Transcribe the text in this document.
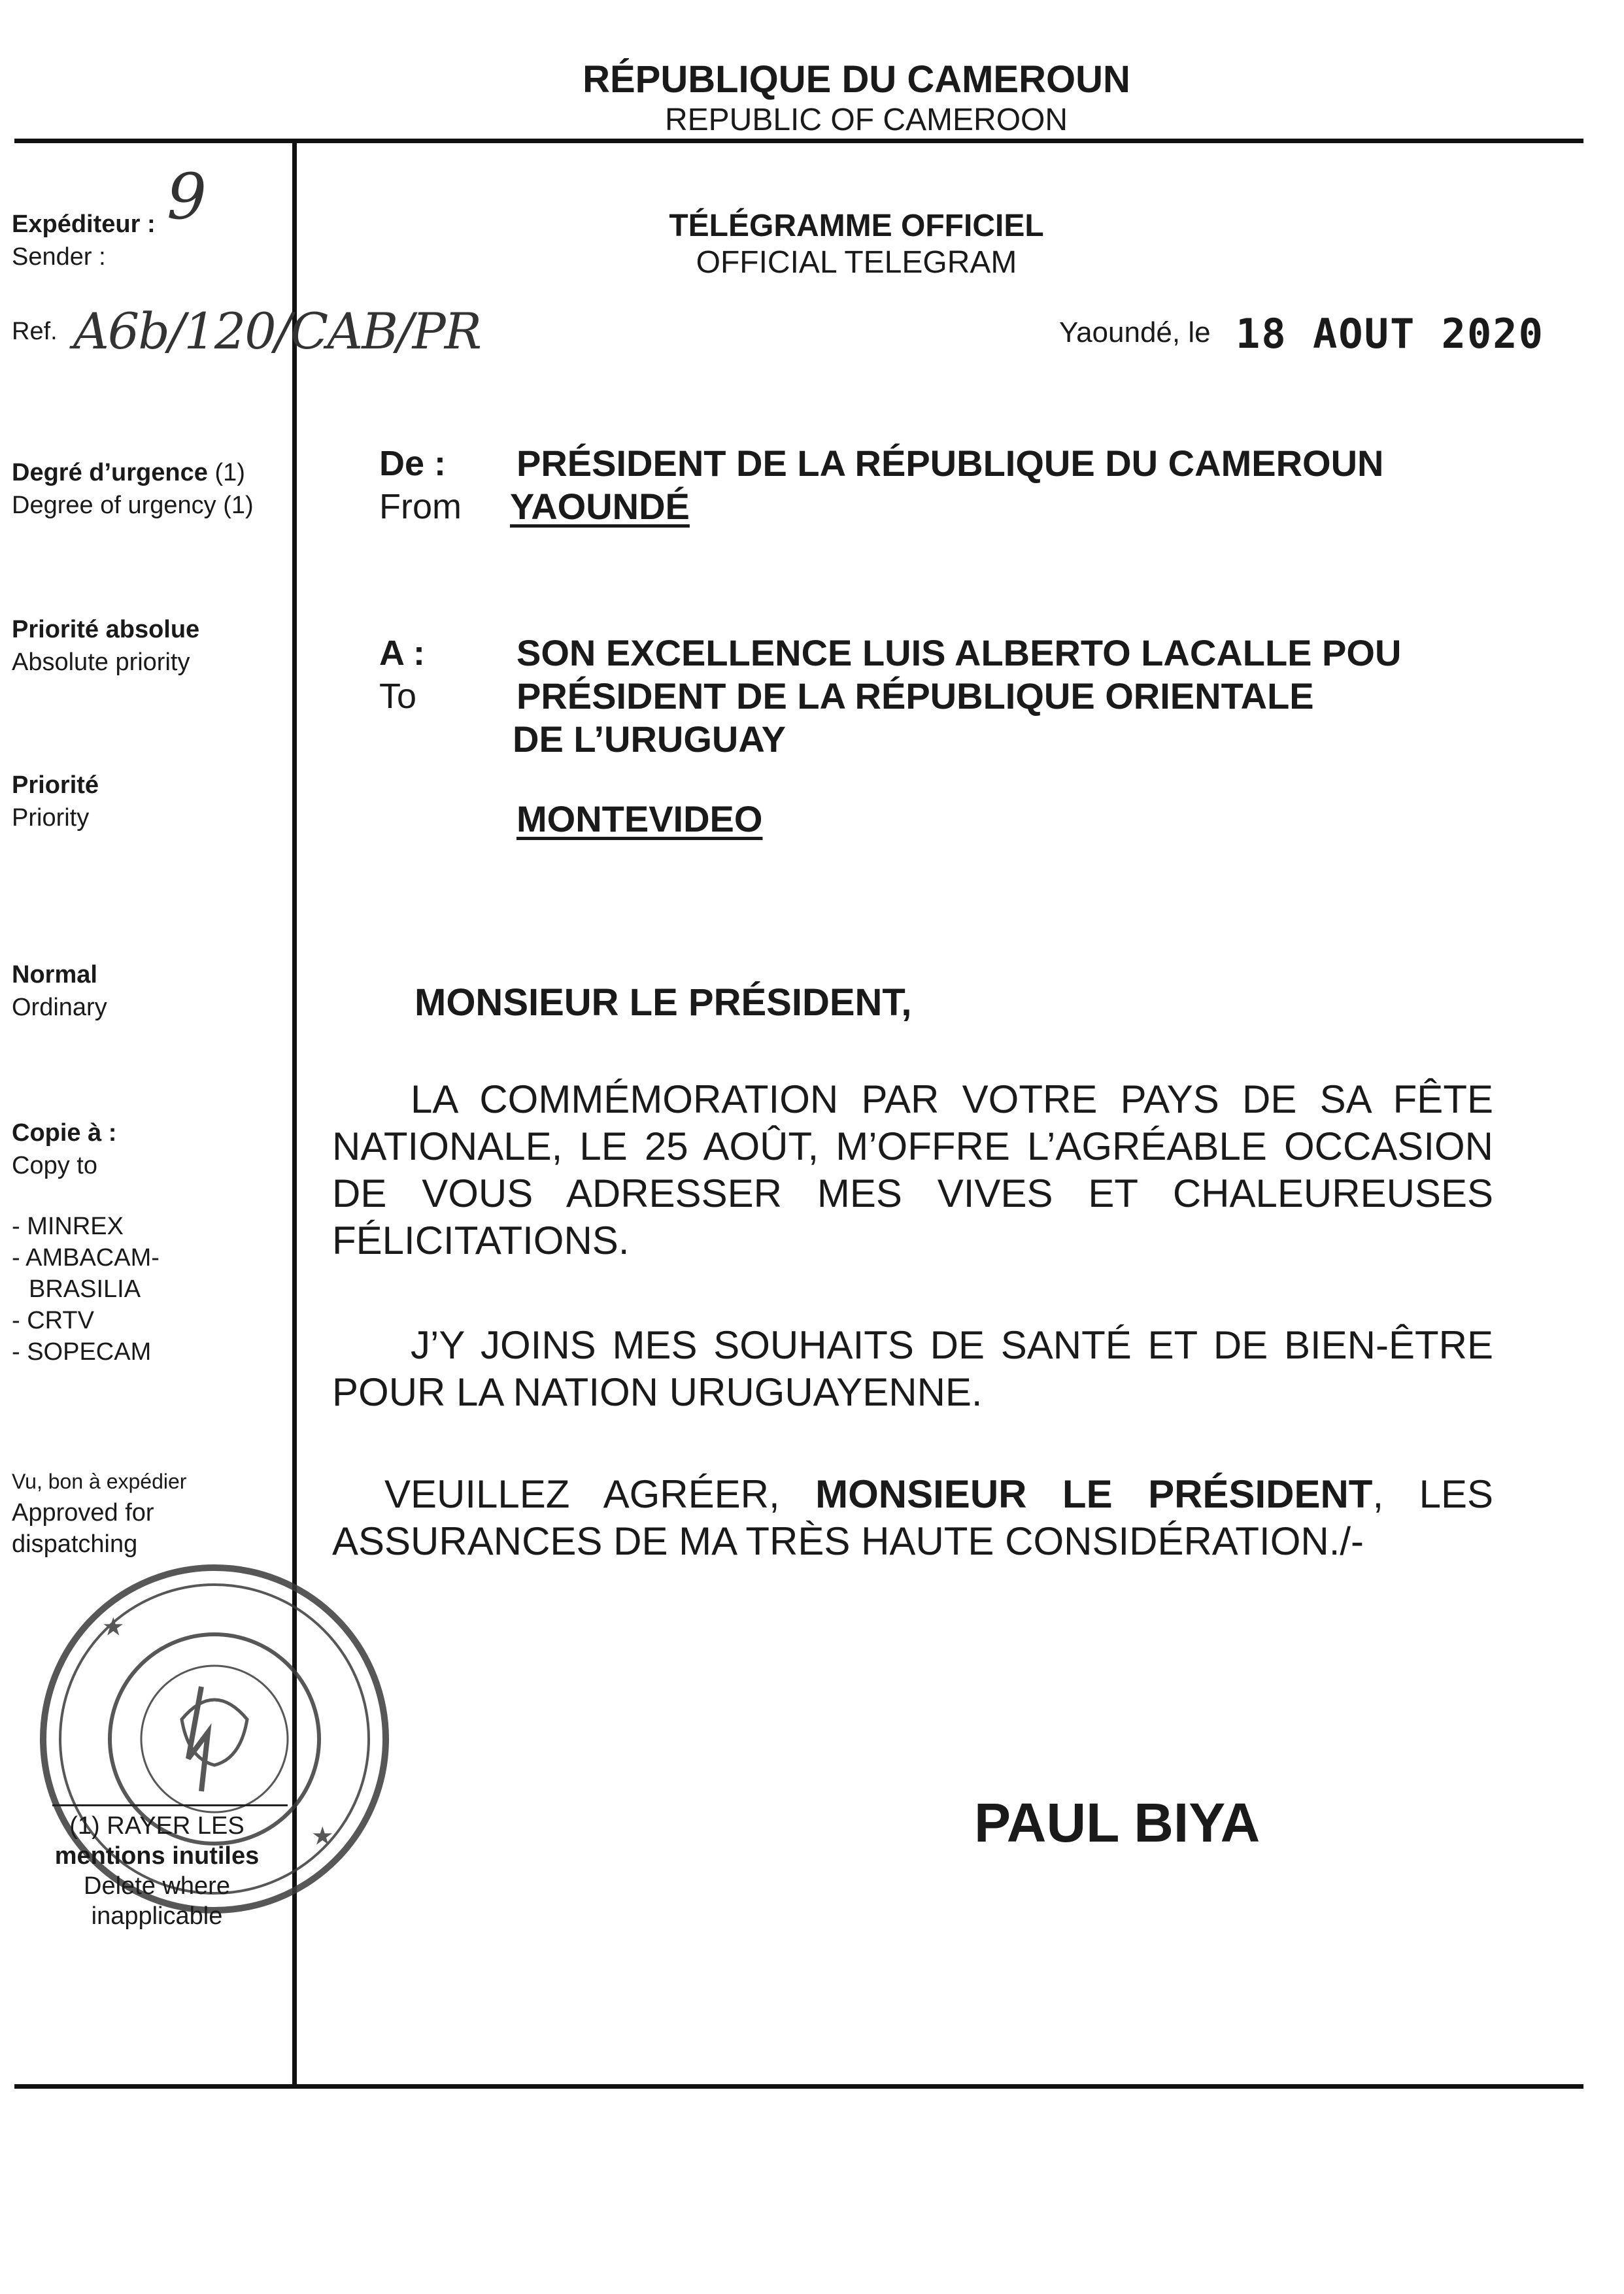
RÉPUBLIQUE DU CAMEROUN
REPUBLIC OF CAMEROON
TÉLÉGRAMME OFFICIEL
OFFICIAL TELEGRAM
Yaoundé, le 18 AOUT 2020
Expéditeur :
Sender :
9
Ref. A6b/120/CAB/PR
Degré d’urgence (1)
Degree of urgency (1)
Priorité absolue
Absolute priority
Priorité
Priority
Normal
Ordinary
Copie à :
Copy to
- MINREX
- AMBACAM-
BRASILIA
- CRTV
- SOPECAM
Vu, bon à expédier
Approved for
dispatching
★
★
(1) RAYER LES
mentions inutiles
Delete where
inapplicable
De :
From
PRÉSIDENT DE LA RÉPUBLIQUE DU CAMEROUN
YAOUNDÉ
A :
To
SON EXCELLENCE LUIS ALBERTO LACALLE POU
PRÉSIDENT DE LA RÉPUBLIQUE ORIENTALE
DE L’URUGUAY
MONTEVIDEO
MONSIEUR LE PRÉSIDENT,
LA COMMÉMORATION PAR VOTRE PAYS DE SA FÊTE NATIONALE, LE 25 AOÛT, M’OFFRE L’AGRÉABLE OCCASION DE VOUS ADRESSER MES VIVES ET CHALEUREUSES FÉLICITATIONS.
J’Y JOINS MES SOUHAITS DE SANTÉ ET DE BIEN-ÊTRE POUR LA NATION URUGUAYENNE.
VEUILLEZ AGRÉER, MONSIEUR LE PRÉSIDENT, LES ASSURANCES DE MA TRÈS HAUTE CONSIDÉRATION./-
PAUL BIYA
